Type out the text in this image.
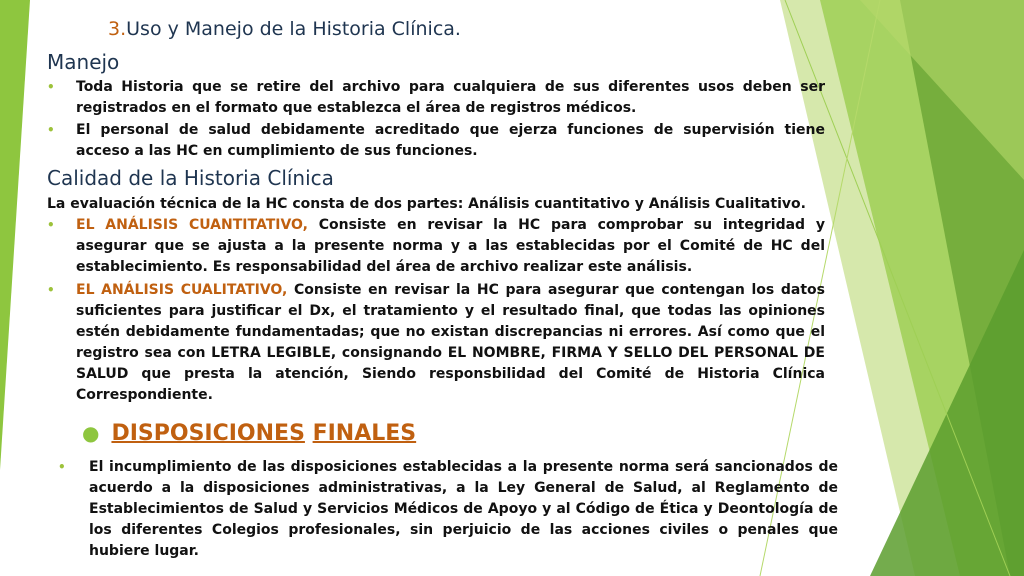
3.Uso y Manejo de la Historia Clínica.
Manejo

• Toda Historia que se retire del archivo para cualquiera de sus diferentes usos deben ser registrados en el formato que establezca el área de registros médicos.

• El personal de salud debidamente acreditado que ejerza funciones de supervisión tiene acceso a las HC en cumplimiento de sus funciones.

Calidad de la Historia Clínica

La evaluación técnica de la HC consta de dos partes: Análisis cuantitativo y Análisis Cualitativo.

• EL ANÁLISIS CUANTITATIVO, Consiste en revisar la HC para comprobar su integridad y asegurar que se ajusta a la presente norma y a las establecidas por el Comité de HC del establecimiento. Es responsabilidad del área de archivo realizar este análisis.

• EL ANÁLISIS CUALITATIVO, Consiste en revisar la HC para asegurar que contengan los datos suficientes para justificar el Dx, el tratamiento y el resultado final, que todas las opiniones estén debidamente fundamentadas; que no existan discrepancias ni errores. Así como que el registro sea con LETRA LEGIBLE, consignando EL NOMBRE, FIRMA Y SELLO DEL PERSONAL DE SALUD que presta la atención, Siendo responsbilidad del Comité de Historia Clínica Correspondiente.

● DISPOSICIONES FINALES

• El incumplimiento de las disposiciones establecidas a la presente norma será sancionados de acuerdo a la disposiciones administrativas, a la Ley General de Salud, al Reglamento de Establecimientos de Salud y Servicios Médicos de Apoyo y al Código de Ética y Deontología de los diferentes Colegios profesionales, sin perjuicio de las acciones civiles o penales que hubiere lugar.
